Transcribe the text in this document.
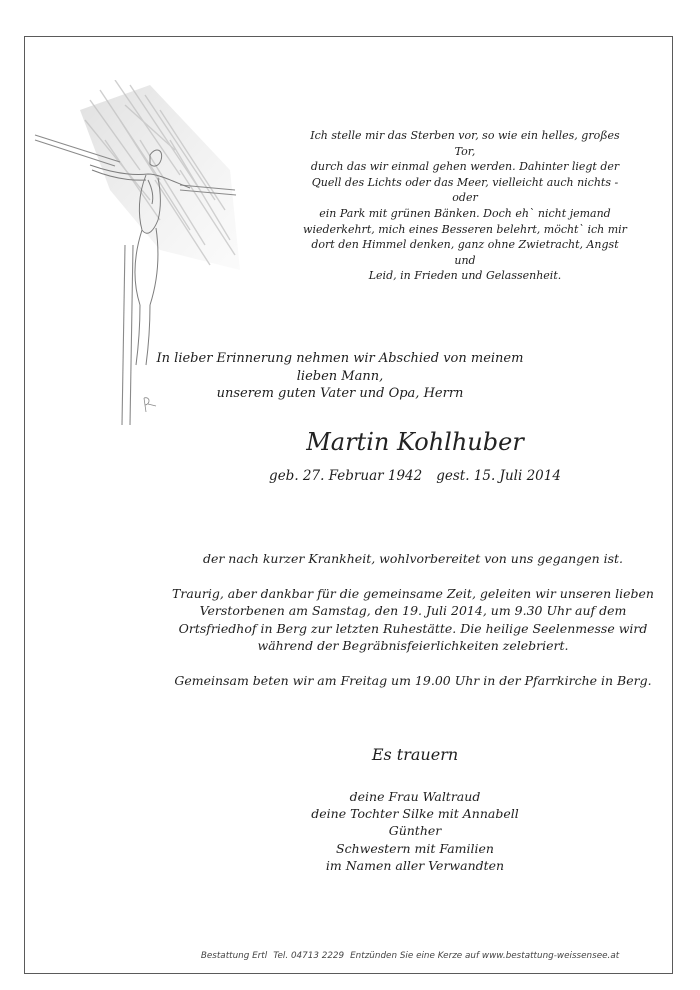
Ich stelle mir das Sterben vor, so wie ein helles, großes Tor,
durch das wir einmal gehen werden. Dahinter liegt der
Quell des Lichts oder das Meer, vielleicht auch nichts - oder
ein Park mit grünen Bänken. Doch eh` nicht jemand
wiederkehrt, mich eines Besseren belehrt, möcht` ich mir
dort den Himmel denken, ganz ohne Zwietracht, Angst und
Leid, in Frieden und Gelassenheit.

In lieber Erinnerung nehmen wir Abschied von meinem lieben Mann,
unserem guten Vater und Opa, Herrn

Martin Kohlhuber

geb. 27. Februar 1942 gest. 15. Juli 2014

der nach kurzer Krankheit, wohlvorbereitet von uns gegangen ist.

Traurig, aber dankbar für die gemeinsame Zeit, geleiten wir unseren lieben
Verstorbenen am Samstag, den 19. Juli 2014, um 9.30 Uhr auf dem
Ortsfriedhof in Berg zur letzten Ruhestätte. Die heilige Seelenmesse wird
während der Begräbnisfeierlichkeiten zelebriert.

Gemeinsam beten wir am Freitag um 19.00 Uhr in der Pfarrkirche in Berg.

Es trauern

deine Frau Waltraud
deine Tochter Silke mit Annabell
Günther
Schwestern mit Familien
im Namen aller Verwandten

Bestattung Ertl Tel. 04713 2229 Entzünden Sie eine Kerze auf www.bestattung-weissensee.at
